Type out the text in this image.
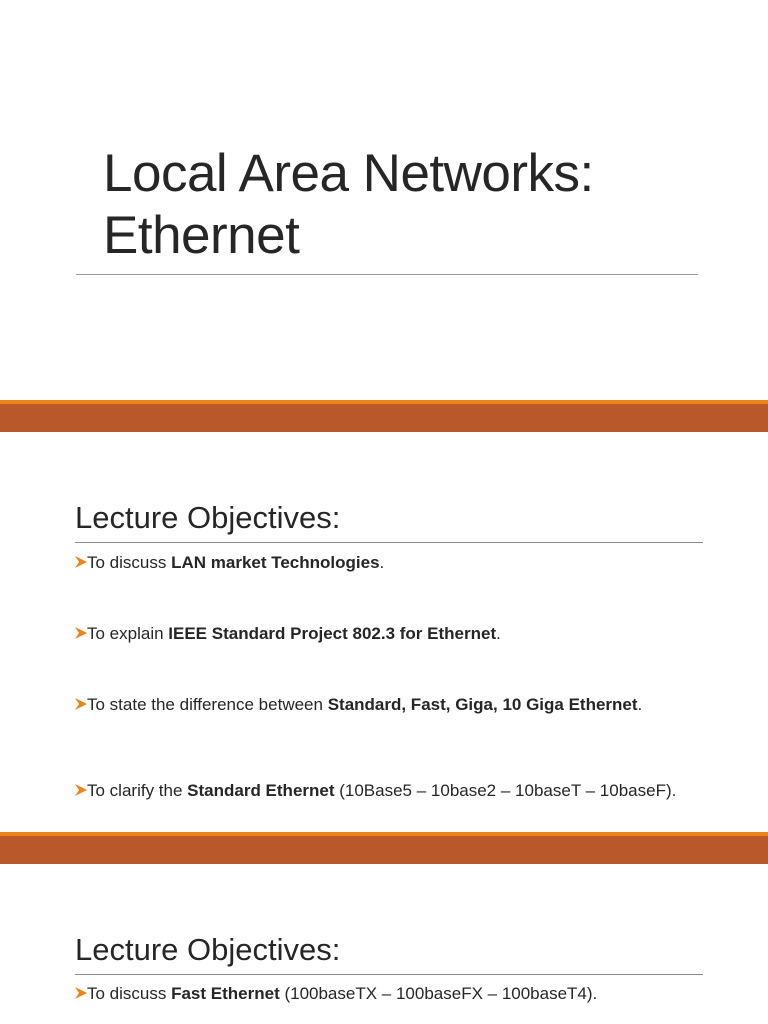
Local Area Networks:
Ethernet
Lecture Objectives:
To discuss LAN market Technologies.
To explain IEEE Standard Project 802.3 for Ethernet.
To state the difference between Standard, Fast, Giga, 10 Giga Ethernet.
To clarify the Standard Ethernet (10Base5 – 10base2 – 10baseT – 10baseF).
Lecture Objectives:
To discuss Fast Ethernet (100baseTX – 100baseFX – 100baseT4).
